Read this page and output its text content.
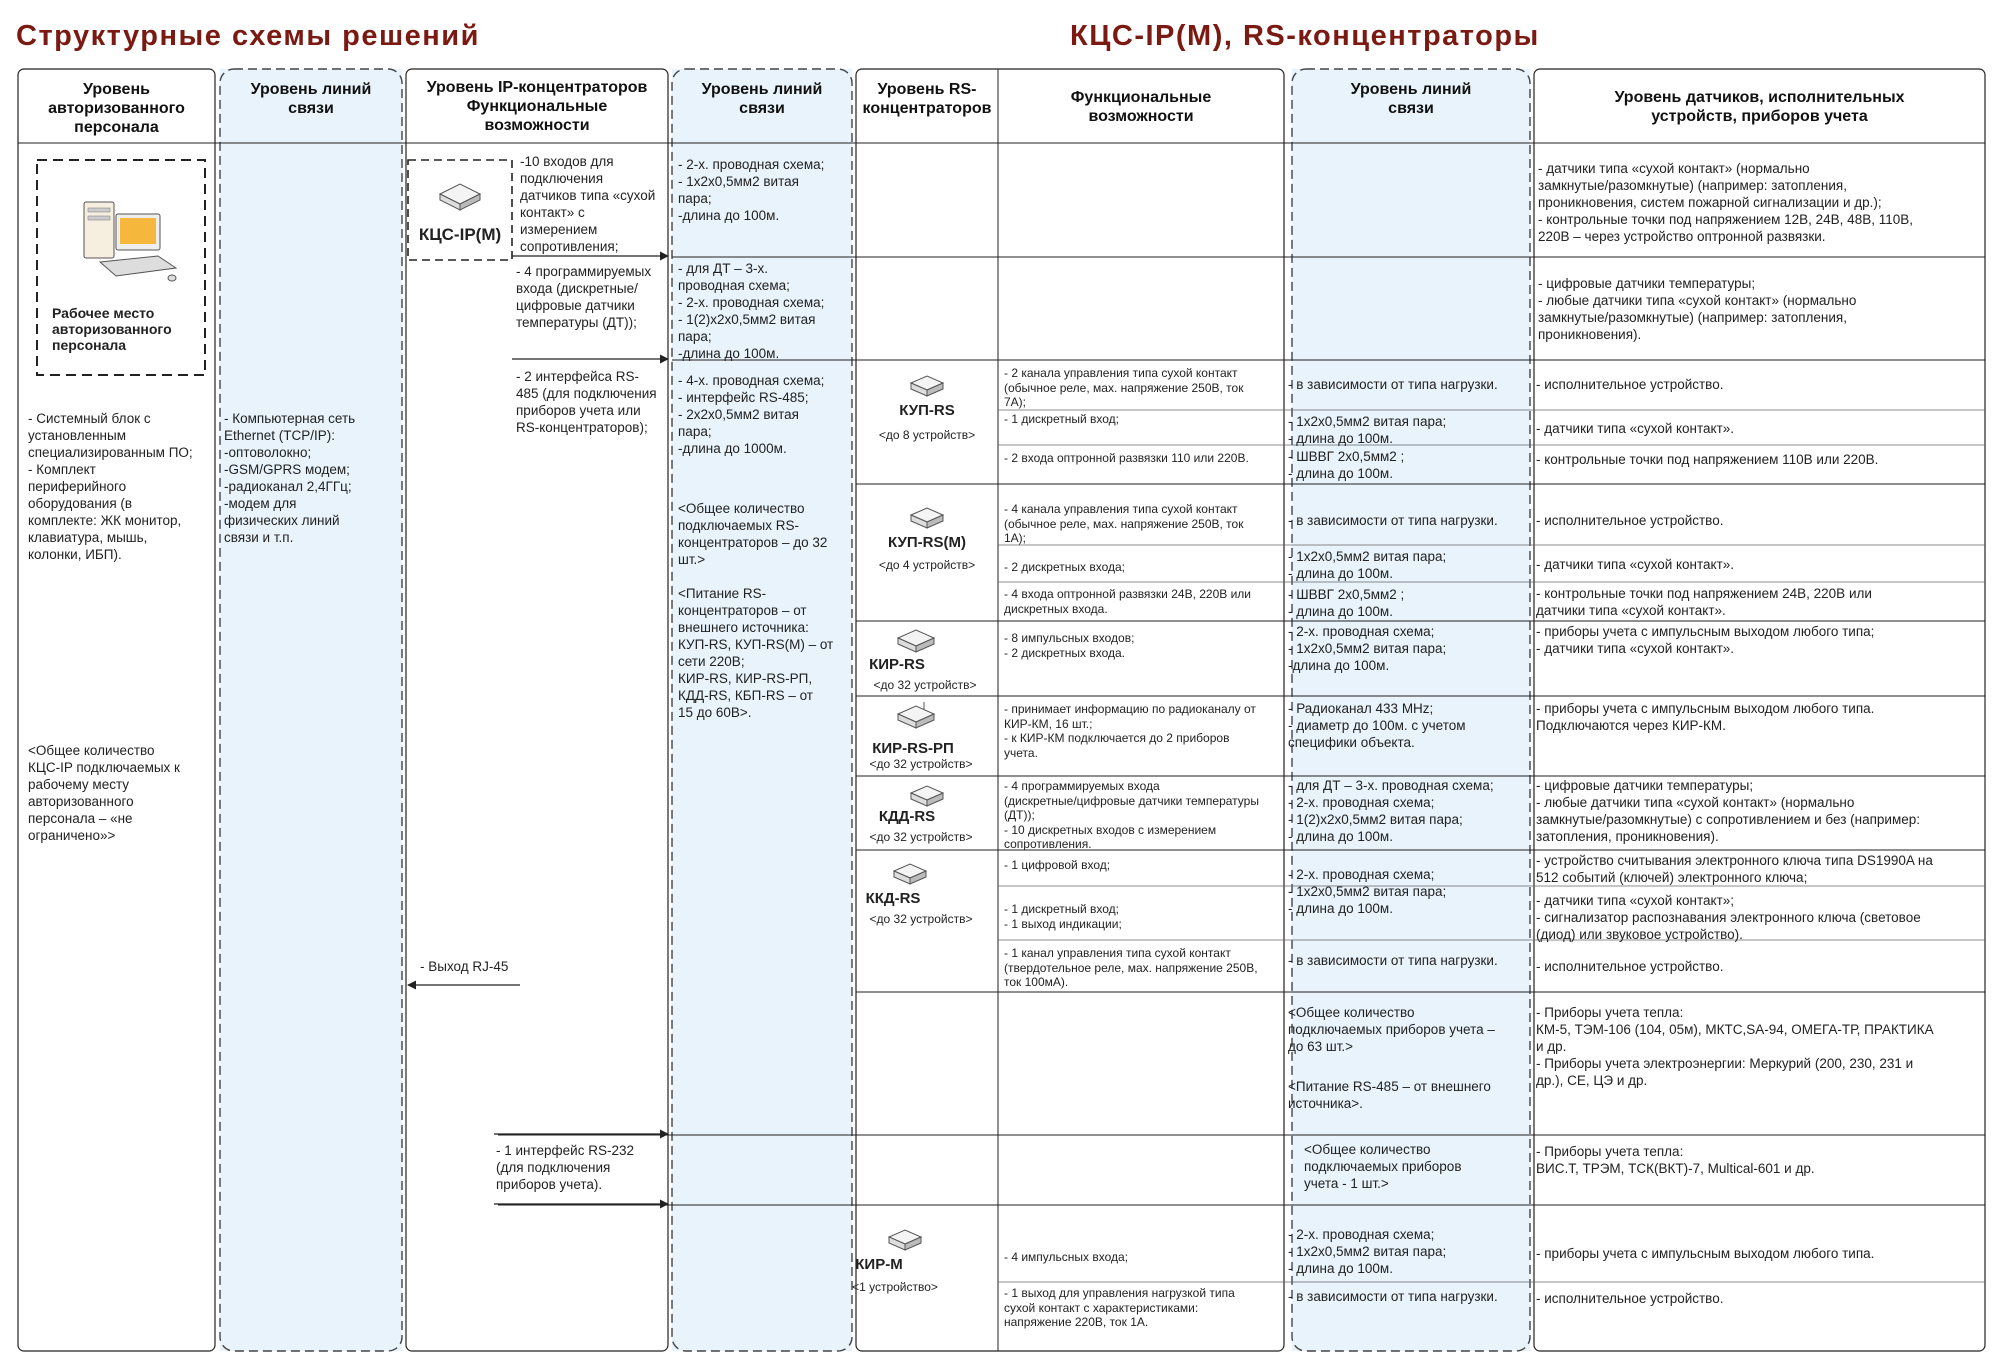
Структурные схемы решений	КЦС-IP(M), RS-концентраторы
Уровень
авторизованного
персонала
Уровень линий
связи
Уровень IP-концентраторов
Функциональные
возможности
Уровень линий
связи
Уровень RS-
концентраторов
Функциональные
возможности
Уровень линий
связи
Уровень датчиков, исполнительных
устройств, приборов учета
Рабочее место
авторизованного
персонала
- Системный блок с
установленным
специализированным ПО;
- Комплект
периферийного
оборудования (в
комплекте: ЖК монитор,
клавиатура, мышь,
колонки, ИБП).
<Общее количество
КЦС-IP подключаемых к
рабочему месту
авторизованного
персонала – «не
ограничено»>
- Компьютерная сеть
Ethernet (TCP/IP):
-оптоволокно;
-GSM/GPRS модем;
-радиоканал 2,4ГГц;
-модем для
физических линий
связи и т.п.
КЦС-IP(M)
-10 входов для
подключения
датчиков типа «сухой
контакт» с
измерением
сопротивления;
- 4 программируемых
входа (дискретные/
цифровые датчики
температуры (ДТ));
- 2 интерфейса RS-
485 (для подключения
приборов учета или
RS-концентраторов);
- Выход RJ-45
- 1 интерфейс RS-232
(для подключения
приборов учета).
- 2-х. проводная схема;
- 1х2х0,5мм2 витая
пара;
-длина до 100м.
- для ДТ – 3-х.
проводная схема;
- 2-х. проводная схема;
- 1(2)х2х0,5мм2 витая
пара;
-длина до 100м.
- 4-х. проводная схема;
- интерфейс RS-485;
- 2х2х0,5мм2 витая
пара;
-длина до 1000м.
<Общее количество
подключаемых RS-
концентраторов – до 32
шт.>
<Питание RS-
концентраторов – от
внешнего источника:
КУП-RS, КУП-RS(M) – от
сети 220В;
КИР-RS, КИР-RS-РП,
КДД-RS, КБП-RS – от
15 до 60В>.
КУП-RS
<до 8 устройств>
КУП-RS(M)
<до 4 устройств>
КИР-RS
<до 32 устройств>
КИР-RS-РП
<до 32 устройств>
КДД-RS
<до 32 устройств>
ККД-RS
<до 32 устройств>
КИР-М
<1 устройство>
- 2 канала управления типа сухой контакт
(обычное реле, мах. напряжение 250В, ток
7А);
- 1 дискретный вход;
- 2 входа оптронной развязки 110 или 220В.
- 4 канала управления типа сухой контакт
(обычное реле, мах. напряжение 250В, ток
1А);
- 2 дискретных входа;
- 4 входа оптронной развязки 24В, 220В или
дискретных входа.
- 8 импульсных входов;
- 2 дискретных входа.
- принимает информацию по радиоканалу от
КИР-КМ, 16 шт.;
- к КИР-КМ подключается до 2 приборов
учета.
- 4 программируемых входа
(дискретные/цифровые датчики температуры
(ДТ));
- 10 дискретных входов с измерением
сопротивления.
- 1 цифровой вход;
- 1 дискретный вход;
- 1 выход индикации;
- 1 канал управления типа сухой контакт
(твердотельное реле, мах. напряжение 250В,
ток 100мА).
- 4 импульсных входа;
- 1 выход для управления нагрузкой типа
сухой контакт с характеристиками:
напряжение 220В, ток 1А.
- в зависимости от типа нагрузки.
- 1х2х0,5мм2 витая пара;
- длина до 100м.
- ШВВГ 2х0,5мм2 ;
- длина до 100м.
- в зависимости от типа нагрузки.
- 1х2х0,5мм2 витая пара;
- длина до 100м.
- ШВВГ 2х0,5мм2 ;
- длина до 100м.
- 2-х. проводная схема;
- 1х2х0,5мм2 витая пара;
-длина до 100м.
- Радиоканал 433 MHz;
- диаметр до 100м. с учетом
специфики объекта.
- для ДТ – 3-х. проводная схема;
- 2-х. проводная схема;
- 1(2)х2х0,5мм2 витая пара;
- длина до 100м.
- 2-х. проводная схема;
- 1х2х0,5мм2 витая пара;
- длина до 100м.
- в зависимости от типа нагрузки.
<Общее количество
подключаемых приборов учета –
до 63 шт.>
<Питание RS-485 – от внешнего
источника>.
<Общее количество
подключаемых приборов
учета - 1 шт.>
- 2-х. проводная схема;
- 1х2х0,5мм2 витая пара;
- длина до 100м.
- в зависимости от типа нагрузки.
- датчики типа «сухой контакт» (нормально
замкнутые/разомкнутые) (например: затопления,
проникновения, систем пожарной сигнализации и др.);
- контрольные точки под напряжением 12В, 24В, 48В, 110В,
220В – через устройство оптронной развязки.
- цифровые датчики температуры;
- любые датчики типа «сухой контакт» (нормально
замкнутые/разомкнутые) (например: затопления,
проникновения).
- исполнительное устройство.
- датчики типа «сухой контакт».
- контрольные точки под напряжением 110В или 220В.
- исполнительное устройство.
- датчики типа «сухой контакт».
- контрольные точки под напряжением 24В, 220В или
датчики типа «сухой контакт».
- приборы учета с импульсным выходом любого типа;
- датчики типа «сухой контакт».
- приборы учета с импульсным выходом любого типа.
Подключаются через КИР-КМ.
- цифровые датчики температуры;
- любые датчики типа «сухой контакт» (нормально
замкнутые/разомкнутые) с сопротивлением и без (например:
затопления, проникновения).
- устройство считывания электронного ключа типа DS1990A на
512 событий (ключей) электронного ключа;
- датчики типа «сухой контакт»;
- сигнализатор распознавания электронного ключа (световое
(диод) или звуковое устройство).
- исполнительное устройство.
- Приборы учета тепла:
КМ-5, ТЭМ-106 (104, 05м), МКТС,SA-94, ОМЕГА-ТР, ПРАКТИКА
и др.
- Приборы учета электроэнергии: Меркурий (200, 230, 231 и
др.), СЕ, ЦЭ и др.
- Приборы учета тепла:
ВИС.Т, ТРЭМ, ТСК(ВКТ)-7, Multical-601 и др.
- приборы учета с импульсным выходом любого типа.
- исполнительное устройство.
